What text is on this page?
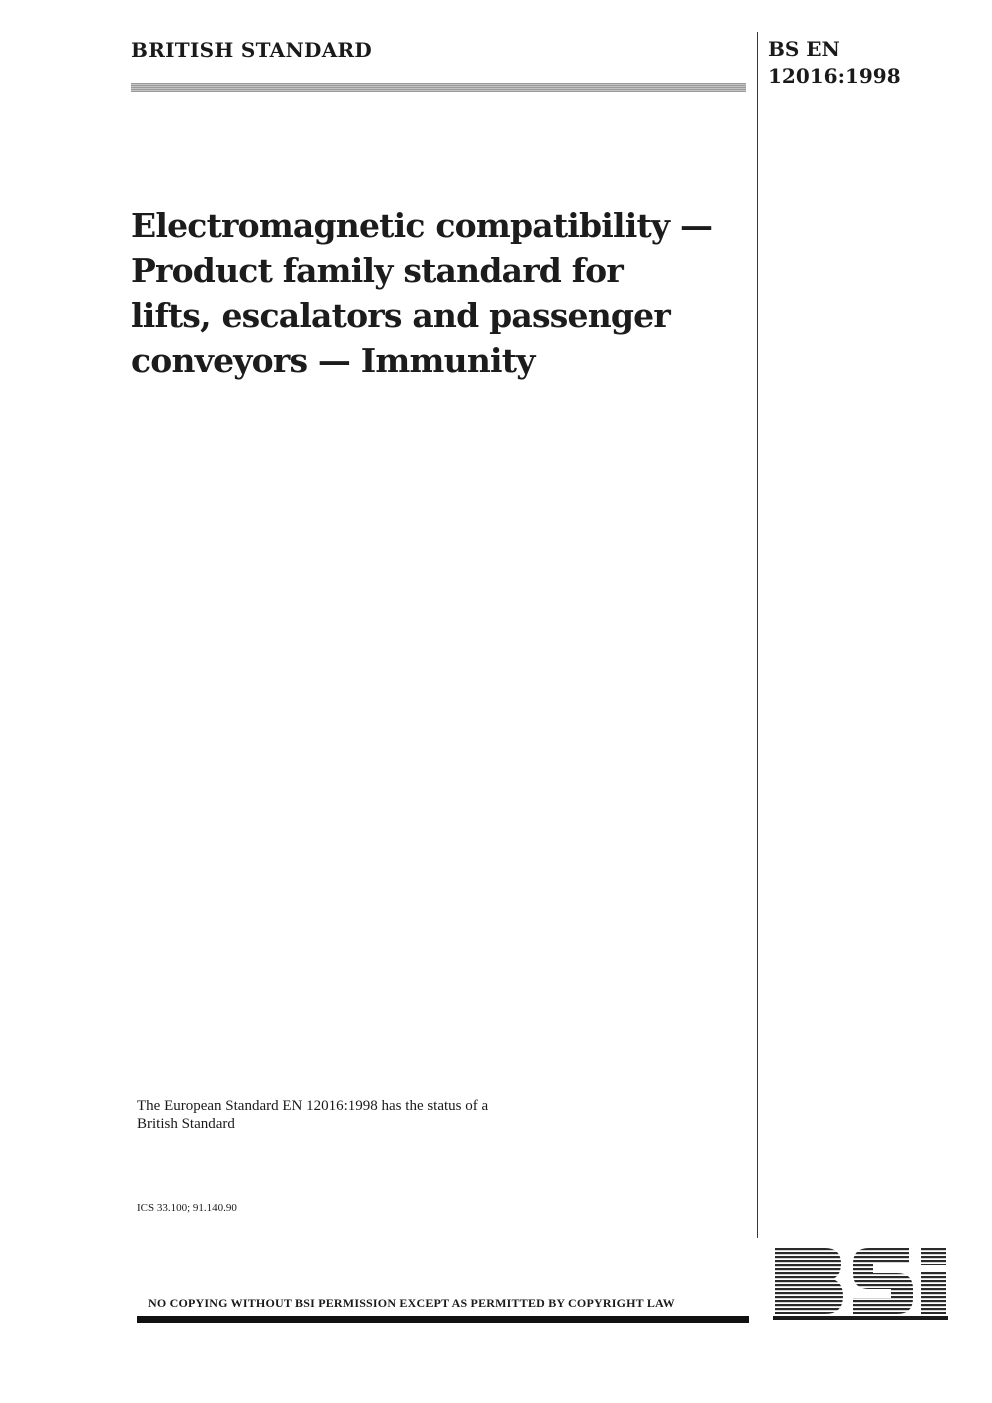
BRITISH STANDARD	BS EN
12016:1998
Electromagnetic compatibility —
Product family standard for
lifts, escalators and passenger
conveyors — Immunity
The European Standard EN 12016:1998 has the status of a
British Standard
ICS 33.100; 91.140.90
NO COPYING WITHOUT BSI PERMISSION EXCEPT AS PERMITTED BY COPYRIGHT LAW
